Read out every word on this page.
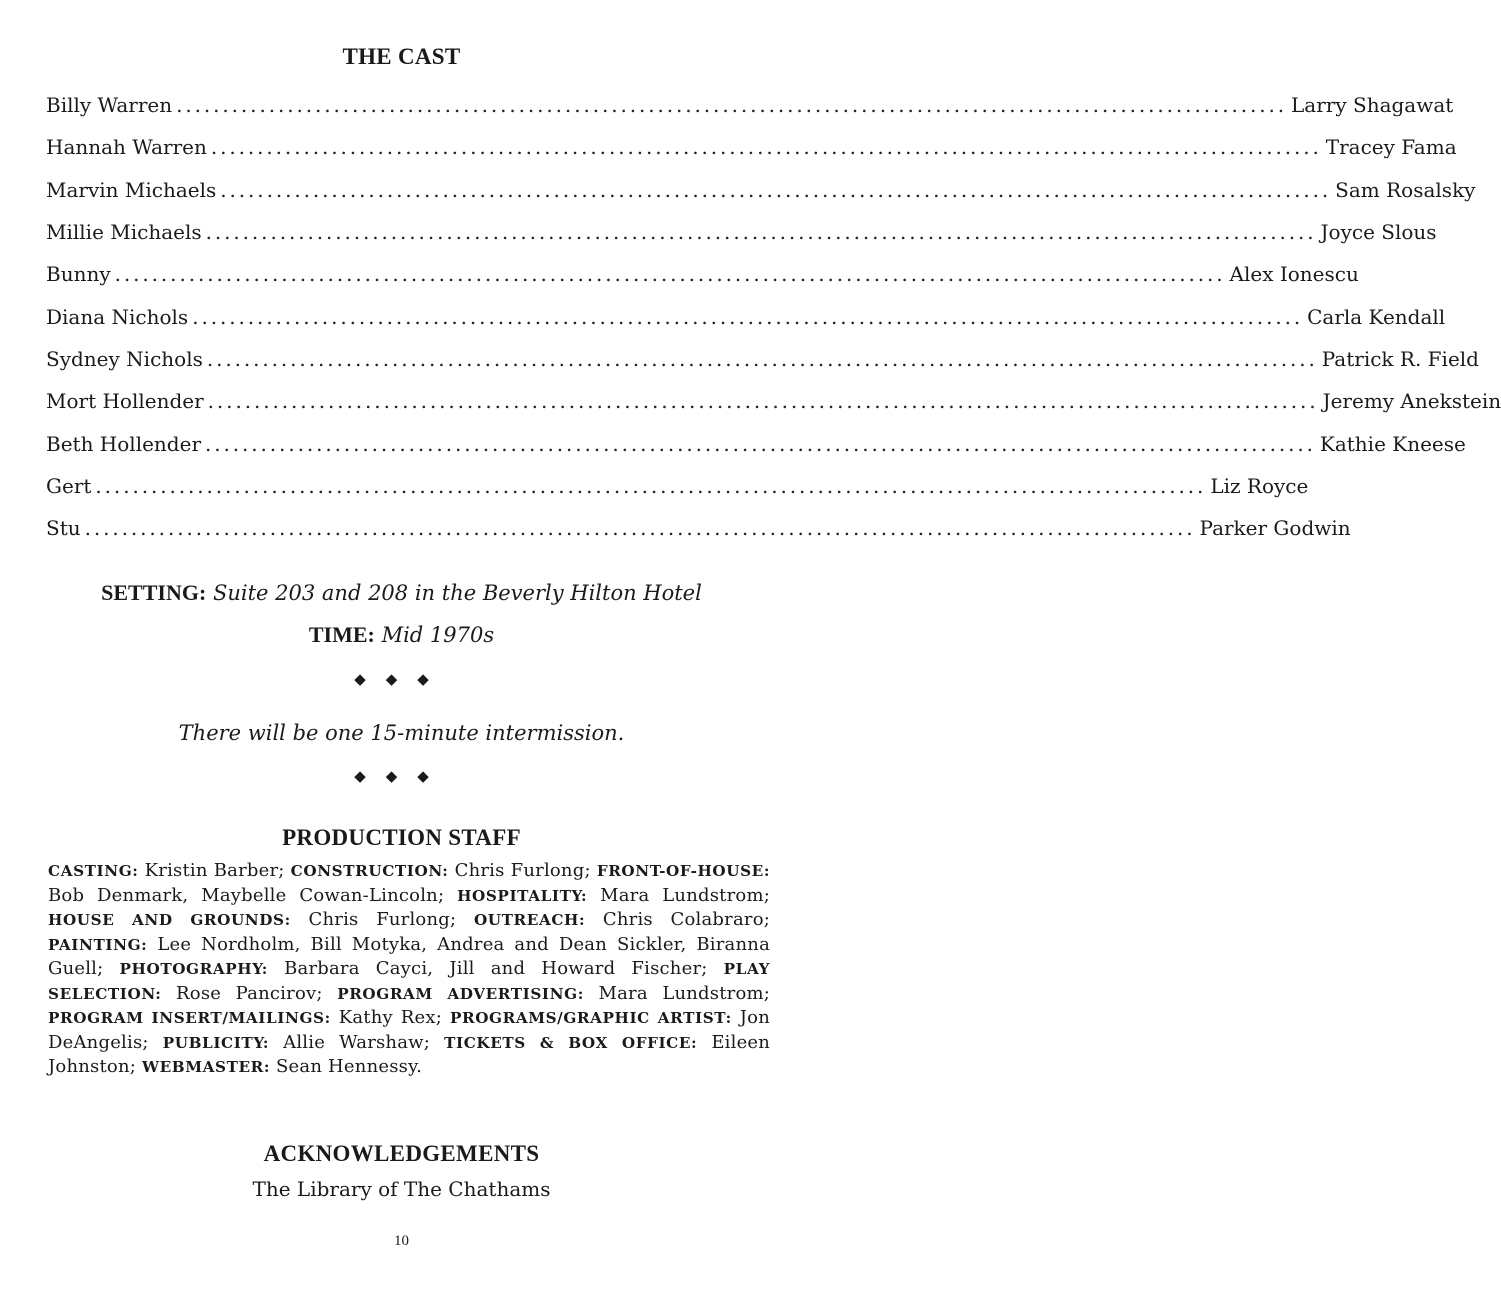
THE CAST
Billy Warren ........................................................................................................................ Larry Shagawat
Hannah Warren ........................................................................................................................ Tracey Fama
Marvin Michaels ........................................................................................................................ Sam Rosalsky
Millie Michaels ........................................................................................................................ Joyce Slous
Bunny ........................................................................................................................ Alex Ionescu
Diana Nichols ........................................................................................................................ Carla Kendall
Sydney Nichols ........................................................................................................................ Patrick R. Field
Mort Hollender ........................................................................................................................ Jeremy Anekstein
Beth Hollender ........................................................................................................................ Kathie Kneese
Gert ........................................................................................................................ Liz Royce
Stu ........................................................................................................................ Parker Godwin
SETTING: Suite 203 and 208 in the Beverly Hilton Hotel
TIME: Mid 1970s
◆◆◆
There will be one 15-minute intermission.
◆◆◆
PRODUCTION STAFF

CASTING: Kristin Barber; CONSTRUCTION: Chris Furlong; FRONT-OF-HOUSE: Bob Denmark, Maybelle Cowan-Lincoln; HOSPITALITY: Mara Lundstrom; HOUSE AND GROUNDS: Chris Furlong; OUTREACH: Chris Colabraro; PAINTING: Lee Nordholm, Bill Motyka, Andrea and Dean Sickler, Biranna Guell; PHOTOGRAPHY: Barbara Cayci, Jill and Howard Fischer; PLAY SELECTION: Rose Pancirov; PROGRAM ADVERTISING: Mara Lundstrom; PROGRAM INSERT/MAILINGS: Kathy Rex; PROGRAMS/GRAPHIC ARTIST: Jon DeAngelis; PUBLICITY: Allie Warshaw; TICKETS & BOX OFFICE: Eileen Johnston; WEBMASTER: Sean Hennessy.

ACKNOWLEDGEMENTS
The Library of The Chathams
10
